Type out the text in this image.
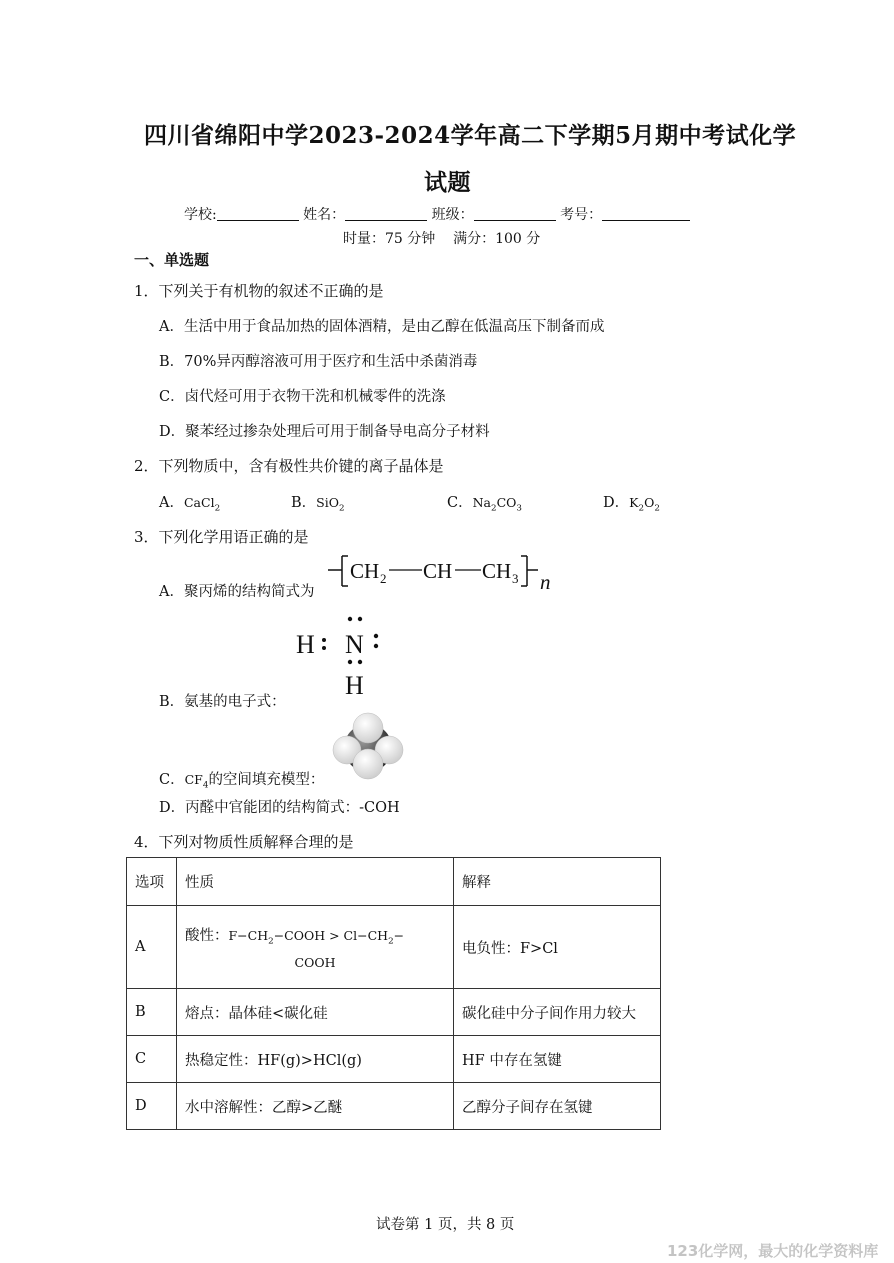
四川省绵阳中学2023-2024学年高二下学期5月期中考试化学
试题
学校:	姓名：	班级：	考号：
时量：75 分钟    满分：100 分
一、单选题
1．下列关于有机物的叙述不正确的是
A．生活中用于食品加热的固体酒精，是由乙醇在低温高压下制备而成
B．70%异丙醇溶液可用于医疗和生活中杀菌消毒
C．卤代烃可用于衣物干洗和机械零件的洗涤
D．聚苯经过掺杂处理后可用于制备导电高分子材料
2．下列物质中，含有极性共价键的离子晶体是
A．CaCl$_2$	B．SiO$_2$	C．$Na_2CO_3$	D．$K_2O_2$
3．下列化学用语正确的是
A．聚丙烯的结构简式为
CH 2 CH CH 3 n
H N
H
B．氨基的电子式：
C．$CF_4$的空间填充模型：
D．丙醛中官能团的结构简式：-COH
4．下列对物质性质解释合理的是
选项	性质	解释
A	酸性：$F-CH_2-COOH > Cl-CH_2-$
COOH	电负性：F>Cl
B	熔点：晶体硅<碳化硅	碳化硅中分子间作用力较大
C	热稳定性：HF(g)>HCl(g)	HF 中存在氢键
D	水中溶解性：乙醇>乙醚	乙醇分子间存在氢键
试卷第 1 页，共 8 页
123化学网，最大的化学资料库
